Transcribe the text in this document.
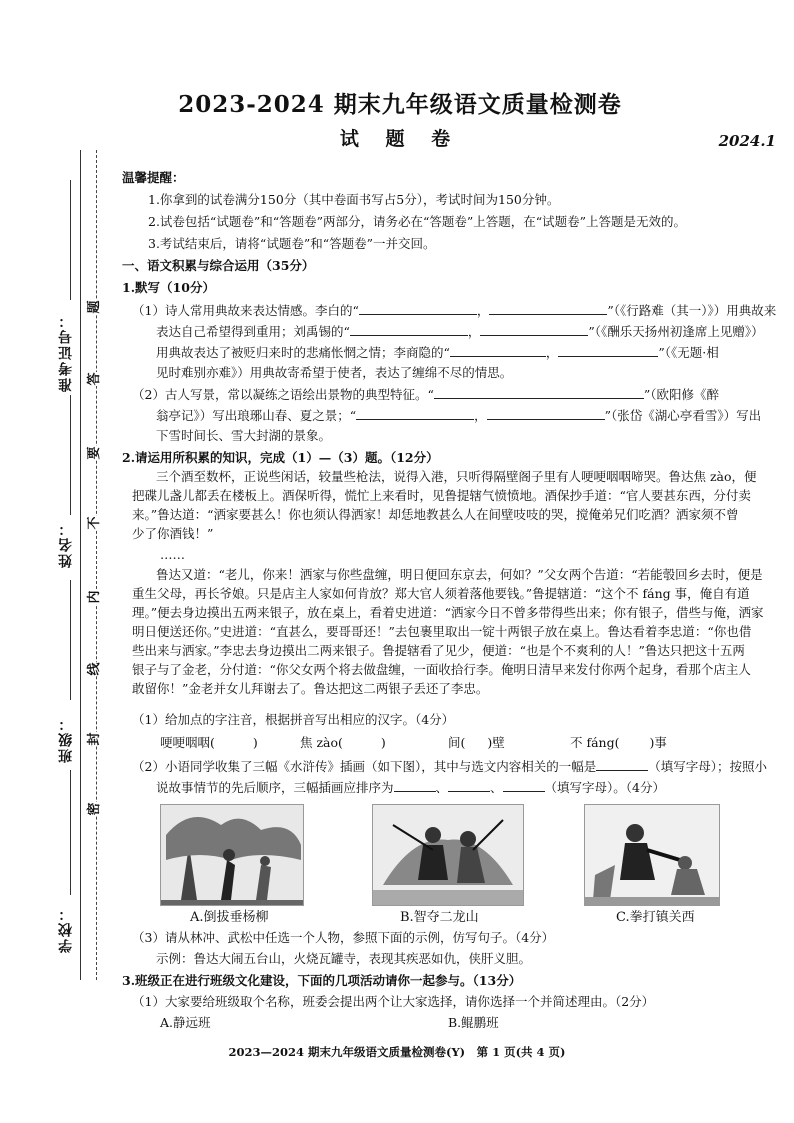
准考证号：
姓名：
班级：
学校：
题
答
要
不
内
线
封
密
2023-2024 期末九年级语文质量检测卷
试 题 卷	2024.1
温馨提醒：
1.你拿到的试卷满分150分（其中卷面书写占5分），考试时间为150分钟。
2.试卷包括“试题卷”和“答题卷”两部分，请务必在“答题卷”上答题，在“试题卷”上答题是无效的。
3.考试结束后，请将“试题卷”和“答题卷”一并交回。
一、语文积累与综合运用（35分）
1.默写（10分）
（1）诗人常用典故来表达情感。李白的“	，	”（《行路难（其一）》）用典故来
表达自己希望得到重用；刘禹锡的“	，	”（《酬乐天扬州初逢席上见赠》）
用典故表达了被贬归来时的悲痛怅惘之情；李商隐的“	，	”（《无题·相
见时难别亦难》）用典故寄希望于使者，表达了缠绵不尽的情思。
（2）古人写景，常以凝练之语绘出景物的典型特征。“	”（欧阳修《醉
翁亭记》）写出琅琊山春、夏之景；“	，	”（张岱《湖心亭看雪》）写出
下雪时间长、雪大封湖的景象。
2.请运用所积累的知识，完成（1）—（3）题。（12分）
三个酒至数杯，正说些闲话，较量些枪法，说得入港，只听得隔壁阁子里有人哽哽咽咽啼哭。鲁达焦 zào，便
把碟儿盏儿都丢在楼板上。酒保听得，慌忙上来看时，见鲁提辖气愤愤地。酒保抄手道：“官人要甚东西，分付卖
来。”鲁达道：“洒家要甚么！你也须认得洒家！却恁地教甚么人在间壁吱吱的哭，搅俺弟兄们吃酒？洒家须不曾
少了你酒钱！”
……
鲁达又道：“老儿，你来！洒家与你些盘缠，明日便回东京去，何如？”父女两个告道：“若能彀回乡去时，便是
重生父母，再长爷娘。只是店主人家如何肯放？郑大官人须着落他要钱。”鲁提辖道：“这个不 fáng 事，俺自有道
理。”便去身边摸出五两来银子，放在桌上，看着史进道：“洒家今日不曾多带得些出来；你有银子，借些与俺，洒家
明日便送还你。”史进道：“直甚么，要哥哥还！”去包裹里取出一锭十两银子放在桌上。鲁达看着李忠道：“你也借
些出来与洒家。”李忠去身边摸出二两来银子。鲁提辖看了见少，便道：“也是个不爽利的人！”鲁达只把这十五两
银子与了金老，分付道：“你父女两个将去做盘缠，一面收拾行李。俺明日清早来发付你两个起身，看那个店主人
敢留你！”金老并女儿拜谢去了。鲁达把这二两银子丢还了李忠。
（1）给加点的字注音，根据拼音写出相应的汉字。（4分）
哽哽咽咽(	)	焦 zào(	)	间( )壁	不 fáng( )事
（2）小语同学收集了三幅《水浒传》插画（如下图），其中与选文内容相关的一幅是	（填写字母）；按照小
说故事情节的先后顺序，三幅插画应排序为	、	、	（填写字母）。（4分）
A.倒拔垂杨柳	B.智夺二龙山	C.拳打镇关西
（3）请从林冲、武松中任选一个人物，参照下面的示例，仿写句子。（4分）
示例：鲁达大闹五台山，火烧瓦罐寺，表现其疾恶如仇，侠肝义胆。
3.班级正在进行班级文化建设，下面的几项活动请你一起参与。（13分）
（1）大家要给班级取个名称，班委会提出两个让大家选择，请你选择一个并简述理由。（2分）
A.静远班	B.鲲鹏班
2023—2024 期末九年级语文质量检测卷(Y)　第 1 页(共 4 页)
